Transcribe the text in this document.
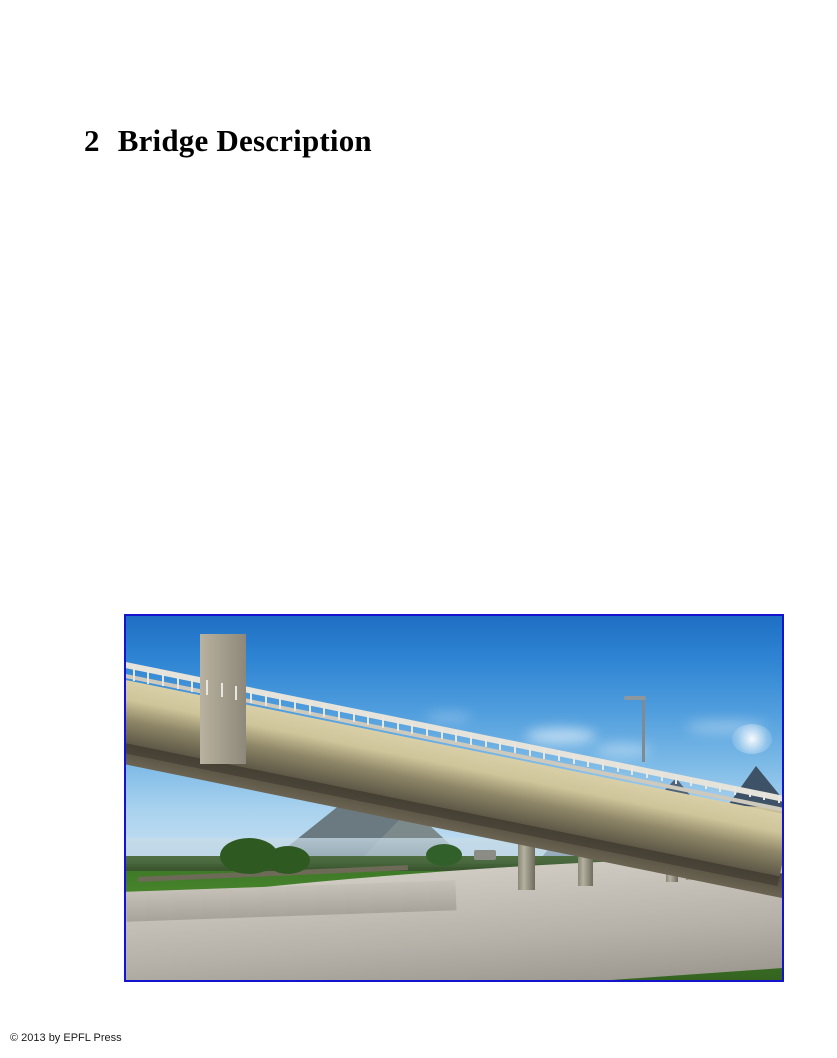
2 Bridge Description
© 2013 by EPFL Press
